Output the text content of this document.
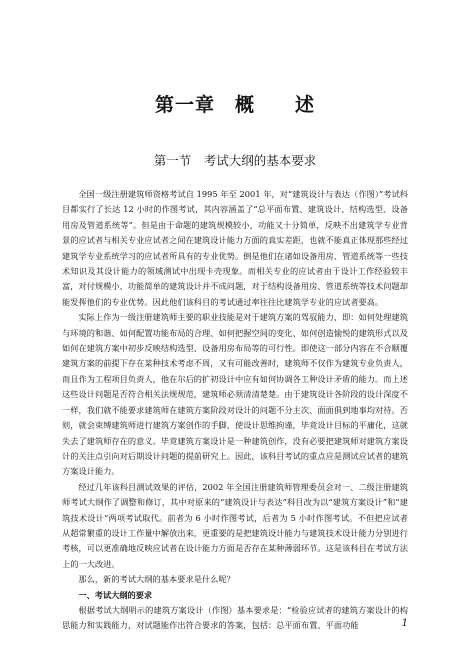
第一章　概　　述
第一节　考试大纲的基本要求

全国一级注册建筑师资格考试自 1995 年至 2001 年，对“建筑设计与表达（作图）”考试科目都实行了长达 12 小时的作图考试，其内容涵盖了“总平面布置、建筑设计、结构选型、设备用房及管道系统等”。但是由于命题的建筑规模较小，功能又十分简单，反映不出建筑学专业背景的应试者与相关专业应试者之间在建筑设计能力方面的真实差距，也就不能真正体现那些经过建筑学专业系统学习的应试者所具有的专业优势。倒是他们在诸如设备用房、管道系统等一些技术知识及其设计能力的领域测试中出现卡壳现象。而相关专业的应试者由于设计工作经验较丰富，对付规模小、功能简单的建筑设计并不成问题，对于结构设备用房、管道系统等技术问题却能发挥他们的专业优势。因此他们该科目的考试通过率往往比建筑学专业的应试者要高。

实际上作为一级注册建筑师主要的职业技能是对于建筑方案的驾驭能力，即：如何处理建筑与环境的和谐、如何配置功能布局的合理、如何把握空间的变化、如何创造愉悦的建筑形式以及如何在建筑方案中初步反映结构选型、设备用房布局等的可行性。即使这一部分内容在不合顺覆建筑方案的前提下存在某种技术考虑不周，又有可能改善时，建筑师不仅作为建筑专业负责人，而且作为工程项目负责人，他在尔后的扩初设计中应有如何协调各工种设计矛盾的能力。而上述这些设计问题是否符合相关法规规范，建筑师必须清清楚楚。由于建筑设计各阶段的设计深度不一样，我们就不能要求建筑师在建筑方案阶段对设计的问题不分主次、面面俱到地事均对待。否则，就会束缚建筑师进行建筑方案创作的手脚，使设计思维拘谨，毕竟设计目标的平庸化，这就失去了建筑师存在的意义。毕竟建筑方案设计是一种建筑创作，没有必要把建筑师对建筑方案设计的关注点引向对后期设计问题的提前研究上。因此，该科目考试的重点应是测试应试者的建筑方案设计能力。

经过几年该科目测试效果的评估，2002 年全国注册建筑师管理委员会对一、二级注册建筑师考试大纲作了调整和修订，其中对原来的“建筑设计与表达”科目改为以“建筑方案设计”和“建筑技术设计”两项考试取代。前者为 6 小时作图考试，后者为 5 小时作图考试。不但把应试者从超常繁重的设计工作量中解放出来，更重要的是把建筑设计能力与建筑技术设计能力分别进行考核，可以更准确地反映应试者在设计能力方面是否存在某种薄弱环节。这是该科目在考试方法上的一大改进。

那么，新的考试大纲的基本要求是什么呢？

一、考试大纲的要求

根据考试大纲明示的建筑方案设计（作图）基本要求是：“检验应试者的建筑方案设计的构思能力和实践能力，对试题能作出符合要求的答案，包括：总平面布置、平面功能	1
